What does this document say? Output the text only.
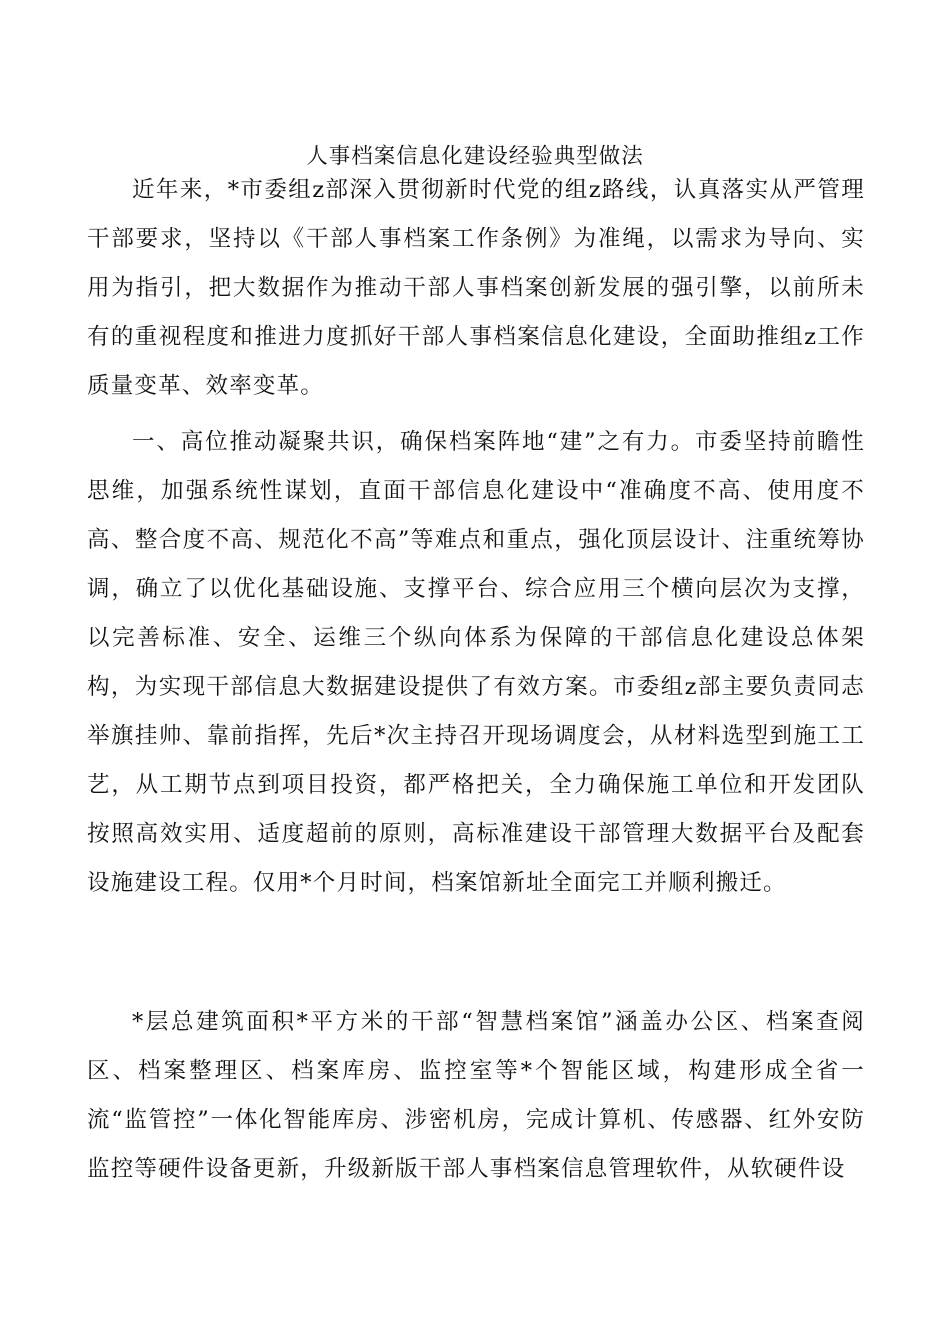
人事档案信息化建设经验典型做法

近年来，*市委组z部深入贯彻新时代党的组z路线，认真落实从严管理干部要求，坚持以《干部人事档案工作条例》为准绳，以需求为导向、实用为指引，把大数据作为推动干部人事档案创新发展的强引擎，以前所未有的重视程度和推进力度抓好干部人事档案信息化建设，全面助推组z工作质量变革、效率变革。

一、高位推动凝聚共识，确保档案阵地“建”之有力。市委坚持前瞻性思维，加强系统性谋划，直面干部信息化建设中“准确度不高、使用度不高、整合度不高、规范化不高”等难点和重点，强化顶层设计、注重统筹协调，确立了以优化基础设施、支撑平台、综合应用三个横向层次为支撑，以完善标准、安全、运维三个纵向体系为保障的干部信息化建设总体架构，为实现干部信息大数据建设提供了有效方案。市委组z部主要负责同志举旗挂帅、靠前指挥，先后*次主持召开现场调度会，从材料选型到施工工艺，从工期节点到项目投资，都严格把关，全力确保施工单位和开发团队按照高效实用、适度超前的原则，高标准建设干部管理大数据平台及配套设施建设工程。仅用*个月时间，档案馆新址全面完工并顺利搬迁。

*层总建筑面积*平方米的干部“智慧档案馆”涵盖办公区、档案查阅区、档案整理区、档案库房、监控室等*个智能区域，构建形成全省一流“监管控”一体化智能库房、涉密机房，完成计算机、传感器、红外安防监控等硬件设备更新，升级新版干部人事档案信息管理软件，从软硬件设
